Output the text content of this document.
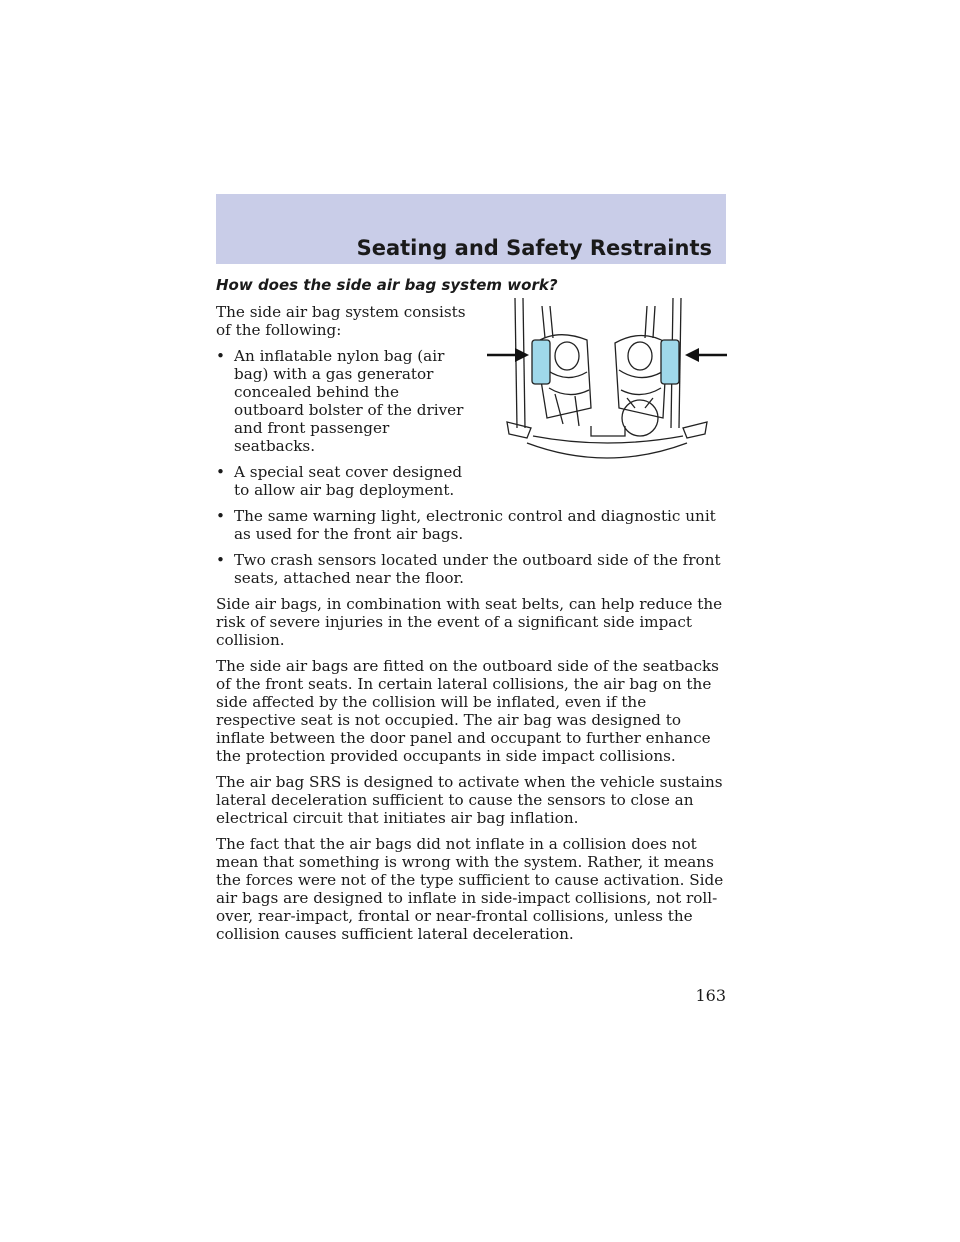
Seating and Safety Restraints
How does the side air bag system work?
The side air bag system consists of the following:
• An inflatable nylon bag (air bag) with a gas generator concealed behind the outboard bolster of the driver and front passenger seatbacks.
• A special seat cover designed to allow air bag deployment.
• The same warning light, electronic control and diagnostic unit as used for the front air bags.
• Two crash sensors located under the outboard side of the front seats, attached near the floor.

Side air bags, in combination with seat belts, can help reduce the risk of severe injuries in the event of a significant side impact collision.

The side air bags are fitted on the outboard side of the seatbacks of the front seats. In certain lateral collisions, the air bag on the side affected by the collision will be inflated, even if the respective seat is not occupied. The air bag was designed to inflate between the door panel and occupant to further enhance the protection provided occupants in side impact collisions.

The air bag SRS is designed to activate when the vehicle sustains lateral deceleration sufficient to cause the sensors to close an electrical circuit that initiates air bag inflation.

The fact that the air bags did not inflate in a collision does not mean that something is wrong with the system. Rather, it means the forces were not of the type sufficient to cause activation. Side air bags are designed to inflate in side-impact collisions, not roll-over, rear-impact, frontal or near-frontal collisions, unless the collision causes sufficient lateral deceleration.

163
